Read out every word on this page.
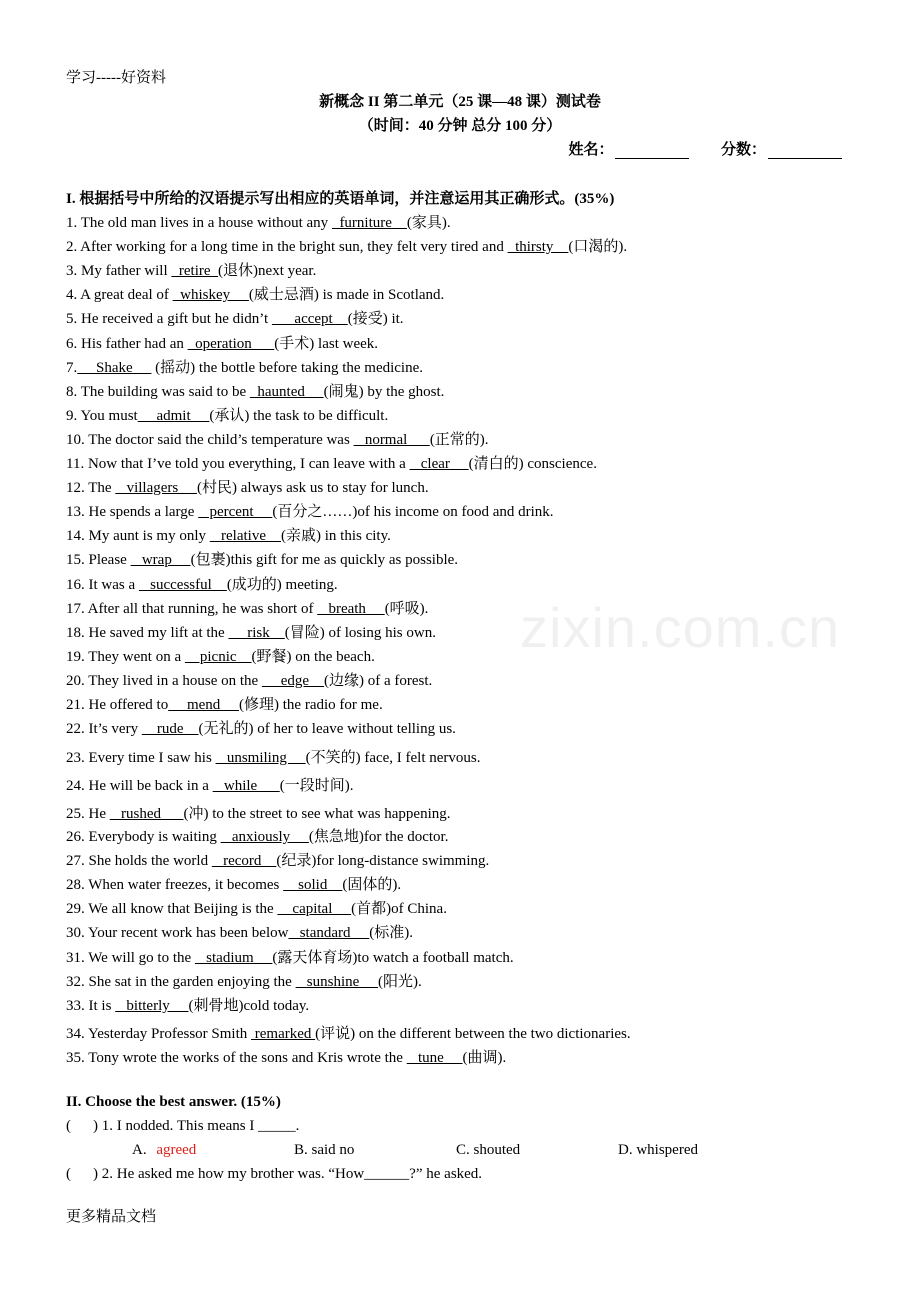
学习-----好资料
zixin.com.cn
新概念 II 第二单元（25 课—48 课）测试卷
（时间：40 分钟 总分 100 分）
姓名：	分数：
I. 根据括号中所给的汉语提示写出相应的英语单词，并注意运用其正确形式。(35%)
1. The old man lives in a house without any   furniture    (家具).
2. After working for a long time in the bright sun, they felt very tired and   thirsty    (口渴的).
3. My father will   retire  (退休)next year.
4. A great deal of   whiskey     (威士忌酒) is made in Scotland.
5. He received a gift but he didn’t       accept    (接受) it.
6. His father had an   operation      (手术) last week.
7.     Shake      (摇动) the bottle before taking the medicine.
8. The building was said to be   haunted     (闹鬼) by the ghost.
9. You must     admit     (承认) the task to be difficult.
10. The doctor said the child’s temperature was    normal      (正常的).
11. Now that I’ve told you everything, I can leave with a    clear     (清白的) conscience.
12. The    villagers     (村民) always ask us to stay for lunch.
13. He spends a large    percent     (百分之……)of his income on food and drink.
14. My aunt is my only    relative    (亲戚) in this city.
15. Please    wrap     (包裹)this gift for me as quickly as possible.
16. It was a    successful    (成功的) meeting.
17. After all that running, he was short of    breath     (呼吸).
18. He saved my lift at the      risk    (冒险) of losing his own.
19. They went on a     picnic    (野餐) on the beach.
20. They lived in a house on the      edge    (边缘) of a forest.
21. He offered to     mend     (修理) the radio for me.
22. It’s very     rude    (无礼的) of her to leave without telling us.
23. Every time I saw his    unsmiling     (不笑的) face, I felt nervous.
24. He will be back in a    while      (一段时间).
25. He    rushed      (冲) to the street to see what was happening.
26. Everybody is waiting    anxiously     (焦急地)for the doctor.
27. She holds the world    record    (纪录)for long-distance swimming.
28. When water freezes, it becomes     solid    (固体的).
29. We all know that Beijing is the     capital     (首都)of China.
30. Your recent work has been below   standard     (标准).
31. We will go to the    stadium     (露天体育场)to watch a football match.
32. She sat in the garden enjoying the    sunshine     (阳光).
33. It is    bitterly     (刺骨地)cold today.
34. Yesterday Professor Smith  remarked (评说) on the different between the two dictionaries.
35. Tony wrote the works of the sons and Kris wrote the    tune     (曲调).
II. Choose the best answer. (15%)
( ) 1. I nodded. This means I _____.
A. agreed	B. said no	C. shouted	D. whispered
( ) 2. He asked me how my brother was. “How______?” he asked.
更多精品文档
